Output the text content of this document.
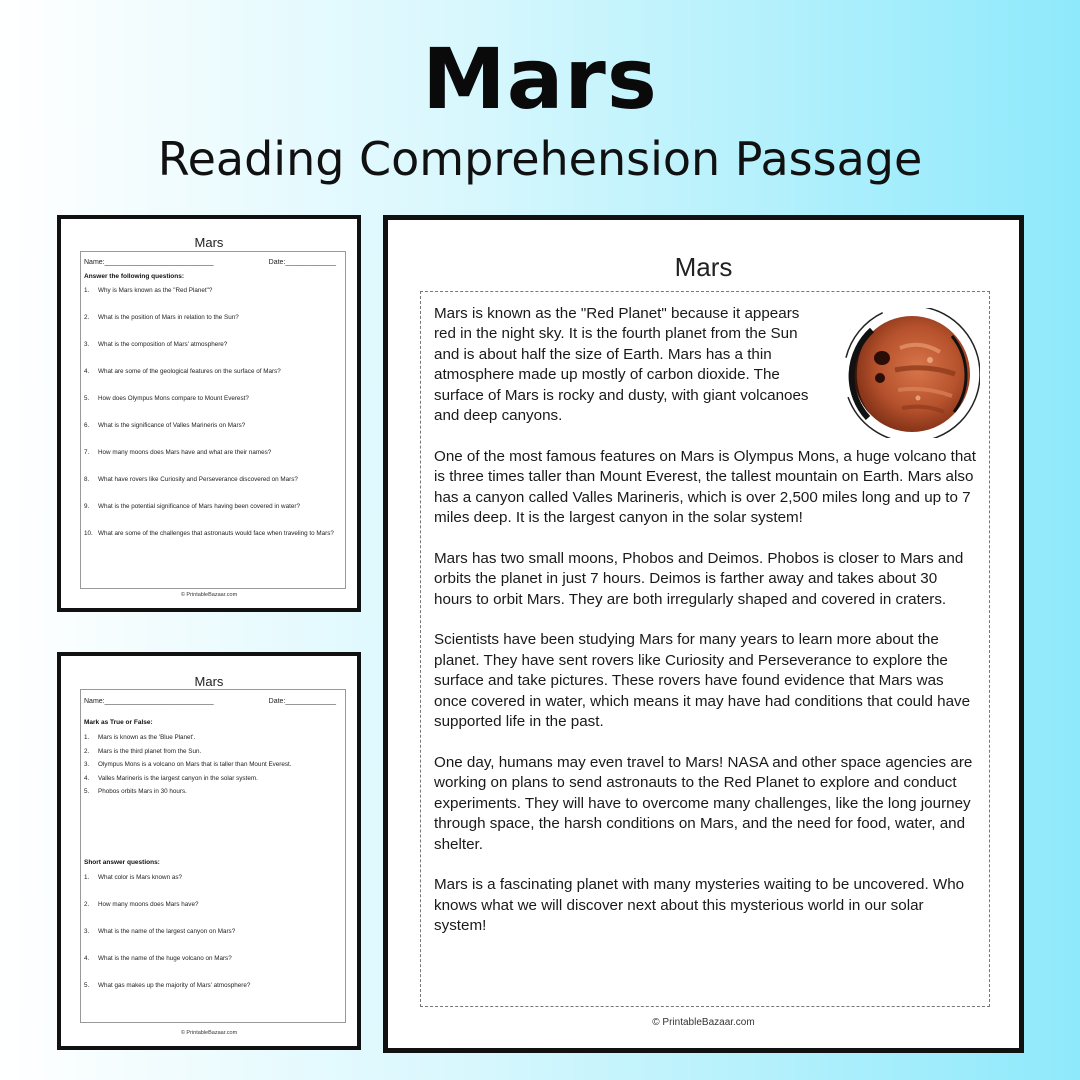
Mars
Reading Comprehension Passage
Mars
Name:____________________________	Date:_____________
Answer the following questions:
1. Why is Mars known as the "Red Planet"?
2. What is the position of Mars in relation to the Sun?
3. What is the composition of Mars' atmosphere?
4. What are some of the geological features on the surface of Mars?
5. How does Olympus Mons compare to Mount Everest?
6. What is the significance of Valles Marineris on Mars?
7. How many moons does Mars have and what are their names?
8. What have rovers like Curiosity and Perseverance discovered on Mars?
9. What is the potential significance of Mars having been covered in water?
10. What are some of the challenges that astronauts would face when traveling to Mars?
© PrintableBazaar.com
Mars
Name:____________________________	Date:_____________
Mark as True or False:
1. Mars is known as the 'Blue Planet'.
2. Mars is the third planet from the Sun.
3. Olympus Mons is a volcano on Mars that is taller than Mount Everest.
4. Valles Marineris is the largest canyon in the solar system.
5. Phobos orbits Mars in 30 hours.
Short answer questions:
1. What color is Mars known as?
2. How many moons does Mars have?
3. What is the name of the largest canyon on Mars?
4. What is the name of the huge volcano on Mars?
5. What gas makes up the majority of Mars' atmosphere?
© PrintableBazaar.com
Mars

Mars is known as the "Red Planet" because it appears red in the night sky. It is the fourth planet from the Sun and is about half the size of Earth. Mars has a thin atmosphere made up mostly of carbon dioxide. The surface of Mars is rocky and dusty, with giant volcanoes and deep canyons.

One of the most famous features on Mars is Olympus Mons, a huge volcano that is three times taller than Mount Everest, the tallest mountain on Earth. Mars also has a canyon called Valles Marineris, which is over 2,500 miles long and up to 7 miles deep. It is the largest canyon in the solar system!

Mars has two small moons, Phobos and Deimos. Phobos is closer to Mars and orbits the planet in just 7 hours. Deimos is farther away and takes about 30 hours to orbit Mars. They are both irregularly shaped and covered in craters.

Scientists have been studying Mars for many years to learn more about the planet. They have sent rovers like Curiosity and Perseverance to explore the surface and take pictures. These rovers have found evidence that Mars was once covered in water, which means it may have had conditions that could have supported life in the past.

One day, humans may even travel to Mars! NASA and other space agencies are working on plans to send astronauts to the Red Planet to explore and conduct experiments. They will have to overcome many challenges, like the long journey through space, the harsh conditions on Mars, and the need for food, water, and shelter.

Mars is a fascinating planet with many mysteries waiting to be uncovered. Who knows what we will discover next about this mysterious world in our solar system!

© PrintableBazaar.com
